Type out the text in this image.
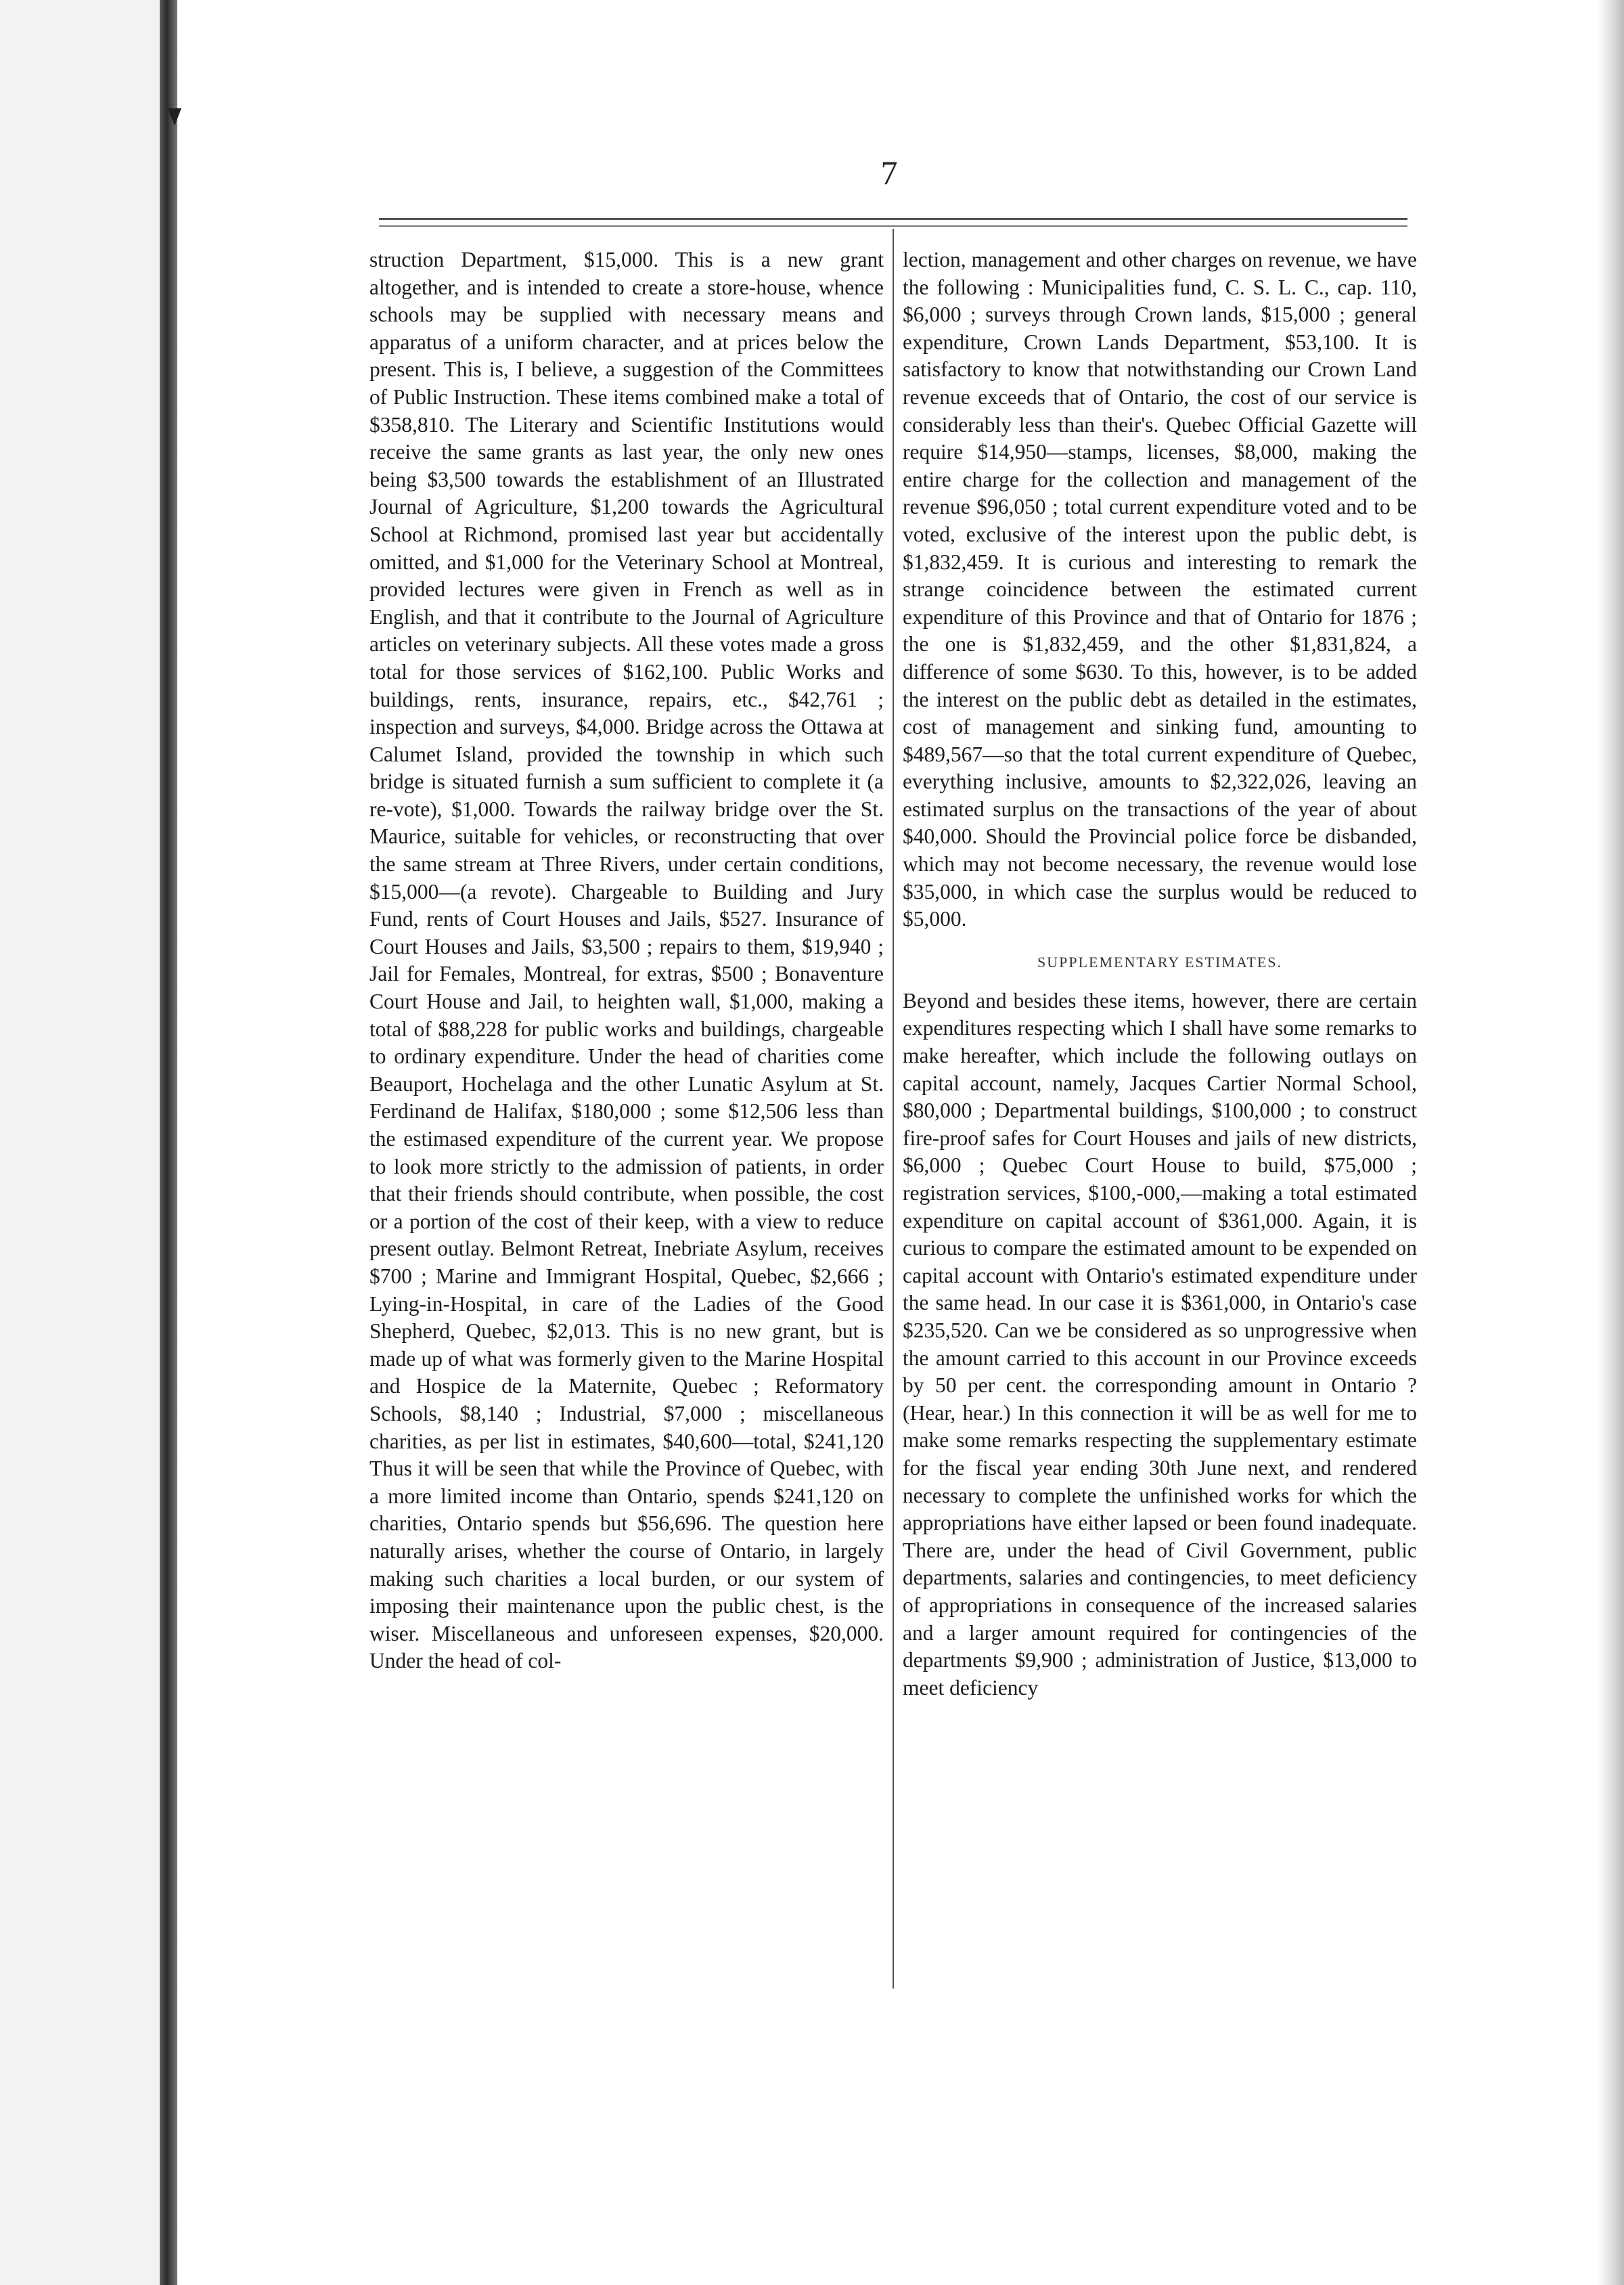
7

struction Department, $15,000. This is a new grant altogether, and is intended to create a store-house, whence schools may be supplied with necessary means and apparatus of a uniform character, and at prices below the present. This is, I believe, a suggestion of the Committees of Public Instruction. These items combined make a total of $358,810. The Literary and Scientific Institutions would receive the same grants as last year, the only new ones being $3,500 towards the establishment of an Illustrated Journal of Agriculture, $1,200 towards the Agricultural School at Richmond, promised last year but accidentally omitted, and $1,000 for the Veterinary School at Montreal, provided lectures were given in French as well as in English, and that it contribute to the Journal of Agriculture articles on veterinary subjects. All these votes made a gross total for those services of $162,100. Public Works and buildings, rents, insurance, repairs, etc., $42,761 ; inspection and surveys, $4,000. Bridge across the Ottawa at Calumet Island, provided the township in which such bridge is situated furnish a sum sufficient to complete it (a re-vote), $1,000. Towards the railway bridge over the St. Maurice, suitable for vehicles, or reconstructing that over the same stream at Three Rivers, under certain conditions, $15,000—(a revote). Chargeable to Building and Jury Fund, rents of Court Houses and Jails, $527. Insurance of Court Houses and Jails, $3,500 ; repairs to them, $19,940 ; Jail for Females, Montreal, for extras, $500 ; Bonaventure Court House and Jail, to heighten wall, $1,000, making a total of $88,228 for public works and buildings, chargeable to ordinary expenditure. Under the head of charities come Beauport, Hochelaga and the other Lunatic Asylum at St. Ferdinand de Halifax, $180,000 ; some $12,506 less than the estimased expenditure of the current year. We propose to look more strictly to the admission of patients, in order that their friends should contribute, when possible, the cost or a portion of the cost of their keep, with a view to reduce present outlay. Belmont Retreat, Inebriate Asylum, receives $700 ; Marine and Immigrant Hospital, Quebec, $2,666 ; Lying-in-Hospital, in care of the Ladies of the Good Shepherd, Quebec, $2,013. This is no new grant, but is made up of what was formerly given to the Marine Hospital and Hospice de la Maternite, Quebec ; Reformatory Schools, $8,140 ; Industrial, $7,000 ; miscellaneous charities, as per list in estimates, $40,600—total, $241,120 Thus it will be seen that while the Province of Quebec, with a more limited income than Ontario, spends $241,120 on charities, Ontario spends but $56,696. The question here naturally arises, whether the course of Ontario, in largely making such charities a local burden, or our system of imposing their maintenance upon the public chest, is the wiser. Miscellaneous and unforeseen expenses, $20,000. Under the head of col-

lection, management and other charges on revenue, we have the following : Municipalities fund, C. S. L. C., cap. 110, $6,000 ; surveys through Crown lands, $15,000 ; general expenditure, Crown Lands Department, $53,100. It is satisfactory to know that notwithstanding our Crown Land revenue exceeds that of Ontario, the cost of our service is considerably less than their's. Quebec Official Gazette will require $14,950—stamps, licenses, $8,000, making the entire charge for the collection and management of the revenue $96,050 ; total current expenditure voted and to be voted, exclusive of the interest upon the public debt, is $1,832,459. It is curious and interesting to remark the strange coincidence between the estimated current expenditure of this Province and that of Ontario for 1876 ; the one is $1,832,459, and the other $1,831,824, a difference of some $630. To this, however, is to be added the interest on the public debt as detailed in the estimates, cost of management and sinking fund, amounting to $489,567—so that the total current expenditure of Quebec, everything inclusive, amounts to $2,322,026, leaving an estimated surplus on the transactions of the year of about $40,000. Should the Provincial police force be disbanded, which may not become necessary, the revenue would lose $35,000, in which case the surplus would be reduced to $5,000.

SUPPLEMENTARY ESTIMATES.

Beyond and besides these items, however, there are certain expenditures respecting which I shall have some remarks to make hereafter, which include the following outlays on capital account, namely, Jacques Cartier Normal School, $80,000 ; Departmental buildings, $100,000 ; to construct fire-proof safes for Court Houses and jails of new districts, $6,000 ; Quebec Court House to build, $75,000 ; registration services, $100,-000,—making a total estimated expenditure on capital account of $361,000. Again, it is curious to compare the estimated amount to be expended on capital account with Ontario's estimated expenditure under the same head. In our case it is $361,000, in Ontario's case $235,520. Can we be considered as so unprogressive when the amount carried to this account in our Province exceeds by 50 per cent. the corresponding amount in Ontario ? (Hear, hear.) In this connection it will be as well for me to make some remarks respecting the supplementary estimate for the fiscal year ending 30th June next, and rendered necessary to complete the unfinished works for which the appropriations have either lapsed or been found inadequate. There are, under the head of Civil Government, public departments, salaries and contingencies, to meet deficiency of appropriations in consequence of the increased salaries and a larger amount required for contingencies of the departments $9,900 ; administration of Justice, $13,000 to meet deficiency
